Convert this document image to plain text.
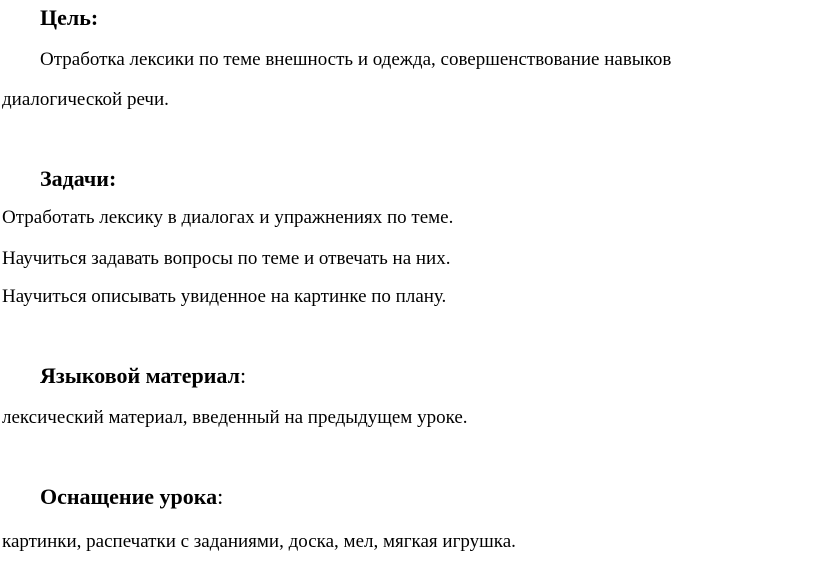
Цель:
Отработка лексики по теме внешность и одежда, совершенствование навыков
диалогической речи.
Задачи:
Отработать лексику в диалогах и упражнениях по теме.
Научиться задавать вопросы по теме и отвечать на них.
Научиться описывать увиденное на картинке по плану.
Языковой материал:
лексический материал, введенный на предыдущем уроке.
Оснащение урока:
картинки, распечатки с заданиями, доска, мел, мягкая игрушка.
